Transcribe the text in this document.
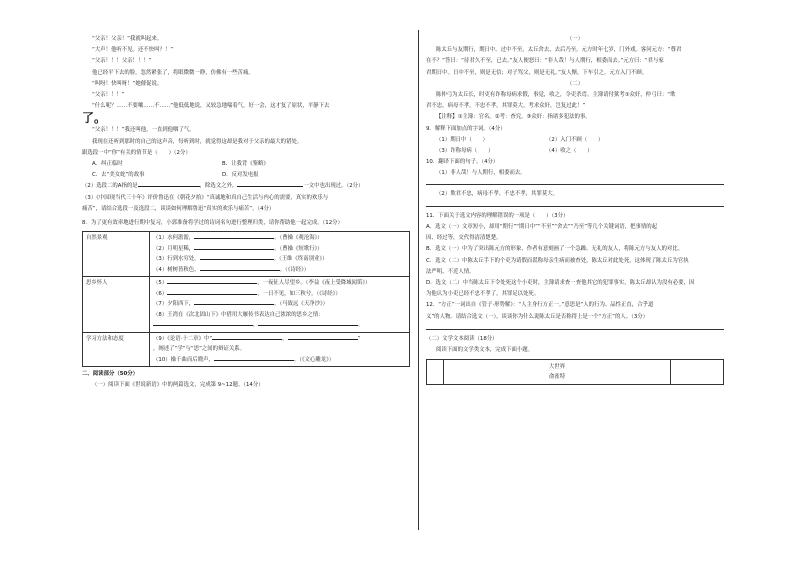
“父亲！父亲！”我就叫起来。
“大声！他听不见。还不快叫？！”
“父亲！！！父亲！！！”
他已经平下去的脸，忽然紧张了，将眼微微一睁，仿佛有一些苦痛。
“叫呀！快叫呀！”她催促说。
“父亲！！！”
“什么呢？……不要嚷……不……”他低低地说，又较急地喘着气，好一会，这才复了原状，平静下去
了。
“父亲！！！”我还叫他，一直到他咽了气。
我现在还听到那时的自己的这声音，每听到时，就觉得这却是我对于父亲的最大的错处。
跟选段一中“你”有关的情节是（　　）（2分）
A．纠正临时	B．让我背《鉴略》
C．去“美女蛇”的故事	D．反对发电报
（2）选段二的A指的是	，除选文之外，	一文中也出现过。（2分）
（3）《中国现当代三十年》评价鲁迅在《朝花夕拾》“真诚地和真自己生活与内心的需要，真实的欢乐与
痛苦”，请结合选段一及选段二，谈谈如何理解鲁迅“真实的欢乐与痛苦”。（4分）
8．为了更有效率地进行期中复习，小郭准备将学过的诗词名句进行整理归类，请你帮助他一起完成。（12分）
自然景观	（1）水何澹澹， 。（曹操《观沧海》）
（2）月明星稀， 。（曹操《短歌行》）
（3）行到水穷处， 。（王维《终南别业》）
（4）树树皆秋色， 。（《诗经》）

思乡怀人	（5） ，一夜征人尽望乡。（李益《夜上受降城闻笛》）
（6） ，一日不见，如三秋兮。（《诗经》）
（7）夕阳西下， 。（马致远《天净沙》）
（8）王湾在《次北固山下》中借用大雁传书表达自己浓浓的思乡之情：
， 。

学习方法和态度	（9）《论语·十二章》中“ ， ”
，阐述了“学”与“思”之间的辩证关系。
（10）操千曲而后晓声， 。（《文心雕龙》）
二、阅读部分（50分）
（一）阅读下面《世说新语》中的两篇选文，完成第 9~12题。（14分）
（一）
陈太丘与友期行，期日中。过中不至，太丘舍去，去后乃至。元方时年七岁，门外戏。客问元方：“尊君
在不？”答曰：“待君久不至，已去。”友人便怒曰：“非人哉！与人期行，相委而去。”元方曰：“君与家
君期日中。日中不至，则是无信；对子骂父，则是无礼。”友人惭，下车引之。元方入门不顾。
（二）
陈仲弓为太丘长，时吏有诈称母病求假，事觉，收之，令吏杀焉。主簿请付狱考①众奸，仲弓曰：“欺
君不忠，病母不孝，不忠不孝，其罪莫大。考求众奸，岂复过此！”
【注释】①主簿：官名。②考：查究。③众奸：指诸多犯法的事。
9．解释下面加点的字词。（4分）
（1）期日中（　　）	（2）入门不顾（　　）
（3）诈称母病（　　）	（4）收之（　　）
10．翻译下面的句子。（4分）
（1）非人哉！与人期行，相委而去。
（2）欺君不忠，病母不孝。不忠不孝，其罪莫大。
11．下面关于选文内容的理解错误的一项是（　　）（3分）
A．选文（一）文章短小，却用“期行”“期日中”“不至”“舍去”“乃至”等几个关键词语，把事情的起
因、经过等，交代得清清楚楚。
B．选文（一）中为了突出陈元方的形象，作者有意刻画了一个急躁、无礼的友人，将陈元方与友人的对比。
C．选文（二）中陈太丘手下的个吏为请假而谎称母亲生病而被查处，陈太丘对此处死，这体现了陈太丘为官执
法严明、不近人情。
D．选文（二）中当陈太丘下令处死这个小吏时，主簿请求查一查他其它的犯罪事实，陈太丘却认为没有必要，因
为他认为小吏已经不忠不孝了，其罪足以处死。
12．“方正”一词出自《管子·形势解》：“人主身行方正一。”意思是“人的行为、品性正直，合乎道
义”的人物。请结合选文（一），谈谈你为什么说陈太丘是否称得上是一个“方正”的人。（3分）
（二）文学文本阅读（18分）
阅读下面的文学类文本，完成下面小题。

大世界
俞雀特
